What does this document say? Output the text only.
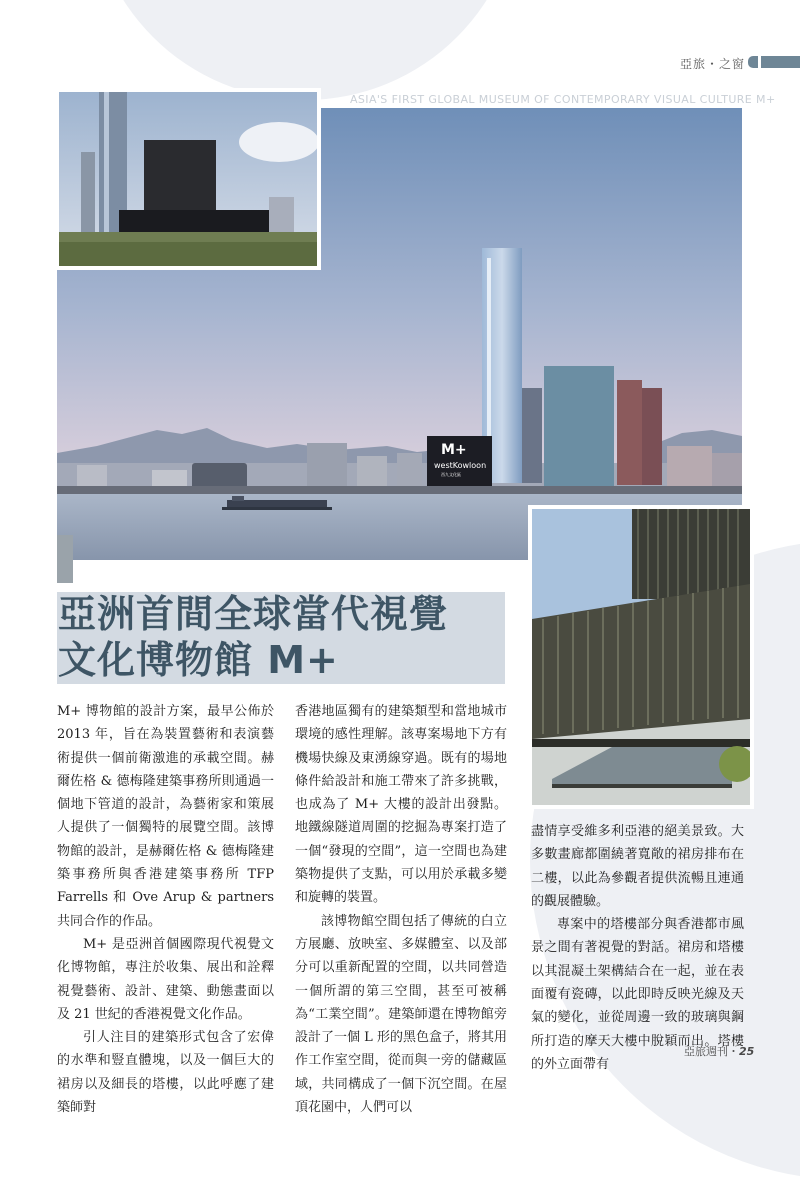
亞旅・之窗
ASIA'S FIRST GLOBAL MUSEUM OF CONTEMPORARY VISUAL CULTURE M+
M+
westKowloon
西九文化區
亞洲首間全球當代視覺
文化博物館 M+

M+ 博物館的設計方案，最早公佈於 2013 年，旨在為裝置藝術和表演藝術提供一個前衛激進的承載空間。赫爾佐格 & 德梅隆建築事務所則通過一個地下管道的設計，為藝術家和策展人提供了一個獨特的展覽空間。該博物館的設計，是赫爾佐格 & 德梅隆建築事務所與香港建築事務所 TFP Farrells 和 Ove Arup & partners 共同合作的作品。

M+ 是亞洲首個國際現代視覺文化博物館，專注於收集、展出和詮釋視覺藝術、設計、建築、動態畫面以及 21 世紀的香港視覺文化作品。

引人注目的建築形式包含了宏偉的水準和豎直體塊，以及一個巨大的裙房以及細長的塔樓，以此呼應了建築師對

香港地區獨有的建築類型和當地城市環境的感性理解。該專案場地下方有機場快線及東湧線穿過。既有的場地條件給設計和施工帶來了許多挑戰，也成為了 M+ 大樓的設計出發點。地鐵線隧道周圍的挖掘為專案打造了一個“發現的空間”，這一空間也為建築物提供了支點，可以用於承載多變和旋轉的裝置。

該博物館空間包括了傳統的白立方展廳、放映室、多媒體室、以及部分可以重新配置的空間，以共同營造一個所謂的第三空間，甚至可被稱為“工業空間”。建築師還在博物館旁設計了一個 L 形的黑色盒子，將其用作工作室空間，從而與一旁的儲藏區域，共同構成了一個下沉空間。在屋頂花園中，人們可以

盡情享受維多利亞港的絕美景致。大多數畫廊都圍繞著寬敞的裙房排布在二樓，以此為參觀者提供流暢且連通的觀展體驗。

專案中的塔樓部分與香港都市風景之間有著視覺的對話。裙房和塔樓以其混凝土架構結合在一起，並在表面覆有瓷磚，以此即時反映光線及天氣的變化，並從周邊一致的玻璃與鋼所打造的摩天大樓中脫穎而出。塔樓的外立面帶有

亞旅週刊・25
